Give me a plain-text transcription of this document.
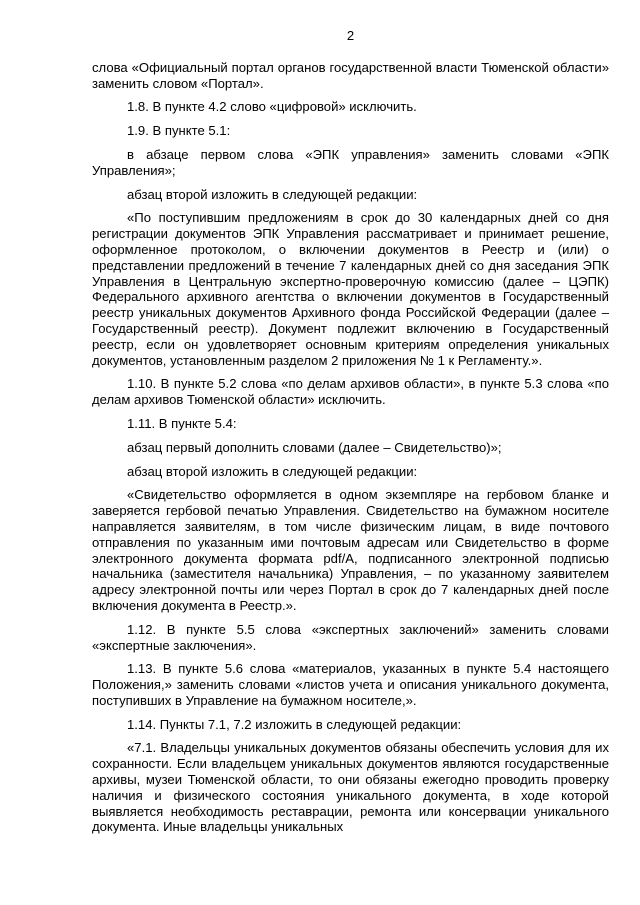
2

слова «Официальный портал органов государственной власти Тюменской области» заменить словом «Портал».

1.8. В пункте 4.2 слово «цифровой» исключить.

1.9. В пункте 5.1:

в абзаце первом слова «ЭПК управления» заменить словами «ЭПК Управления»;

абзац второй изложить в следующей редакции:

«По поступившим предложениям в срок до 30 календарных дней со дня регистрации документов ЭПК Управления рассматривает и принимает решение, оформленное протоколом, о включении документов в Реестр и (или) о представлении предложений в течение 7 календарных дней со дня заседания ЭПК Управления в Центральную экспертно-проверочную комиссию (далее – ЦЭПК) Федерального архивного агентства о включении документов в Государственный реестр уникальных документов Архивного фонда Российской Федерации (далее – Государственный реестр). Документ подлежит включению в Государственный реестр, если он удовлетворяет основным критериям определения уникальных документов, установленным разделом 2 приложения № 1 к Регламенту.».

1.10. В пункте 5.2 слова «по делам архивов области», в пункте 5.3 слова «по делам архивов Тюменской области» исключить.

1.11. В пункте 5.4:

абзац первый дополнить словами (далее – Свидетельство)»;

абзац второй изложить в следующей редакции:

«Свидетельство оформляется в одном экземпляре на гербовом бланке и заверяется гербовой печатью Управления. Свидетельство на бумажном носителе направляется заявителям, в том числе физическим лицам, в виде почтового отправления по указанным ими почтовым адресам или Свидетельство в форме электронного документа формата pdf/A, подписанного электронной подписью начальника (заместителя начальника) Управления, – по указанному заявителем адресу электронной почты или через Портал в срок до 7 календарных дней после включения документа в Реестр.».

1.12. В пункте 5.5 слова «экспертных заключений» заменить словами «экспертные заключения».

1.13. В пункте 5.6 слова «материалов, указанных в пункте 5.4 настоящего Положения,» заменить словами «листов учета и описания уникального документа, поступивших в Управление на бумажном носителе,».

1.14. Пункты 7.1, 7.2 изложить в следующей редакции:

«7.1. Владельцы уникальных документов обязаны обеспечить условия для их сохранности. Если владельцем уникальных документов являются государственные архивы, музеи Тюменской области, то они обязаны ежегодно проводить проверку наличия и физического состояния уникального документа, в ходе которой выявляется необходимость реставрации, ремонта или консервации уникального документа. Иные владельцы уникальных
